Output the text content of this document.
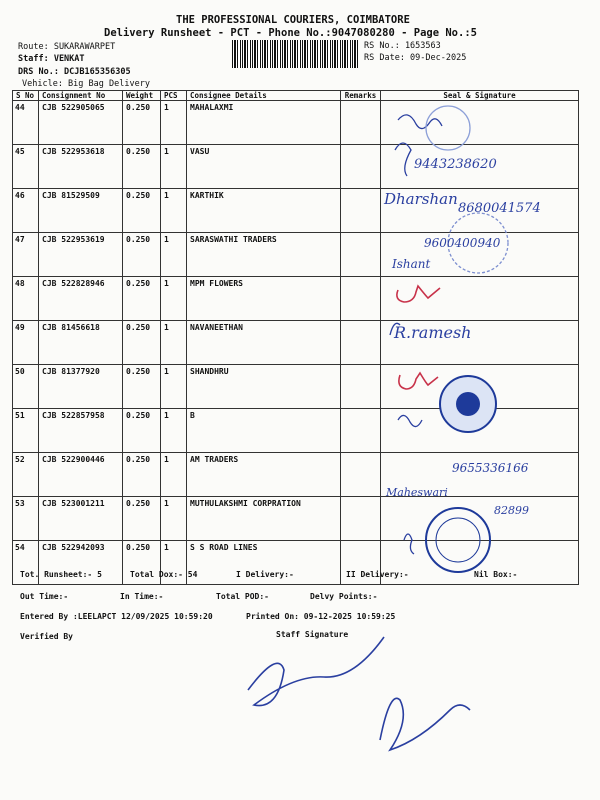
THE PROFESSIONAL COURIERS, COIMBATORE
Delivery Runsheet - PCT - Phone No.:9047080280 - Page No.:5
Route: SUKARAWARPET
Staff: VENKAT
DRS No.: DCJB165356305
Vehicle: Big Bag Delivery
RS No.: 1653563
RS Date: 09-Dec-2025
S No	Consignment No	Weight	PCS	Consignee Details	Remarks	Seal & Signature
44	CJB 522905065	0.250	1	MAHALAXMI		
45	CJB 522953618	0.250	1	VASU		
46	CJB 81529509	0.250	1	KARTHIK		
47	CJB 522953619	0.250	1	SARASWATHI TRADERS		
48	CJB 522828946	0.250	1	MPM FLOWERS		
49	CJB 81456618	0.250	1	NAVANEETHAN		
50	CJB 81377920	0.250	1	SHANDHRU		
51	CJB 522857958	0.250	1	B		
52	CJB 522900446	0.250	1	AM TRADERS		
53	CJB 523001211	0.250	1	MUTHULAKSHMI CORPRATION		
54	CJB 522942093	0.250	1	S S ROAD LINES		
9443238620
Dharshan
8680041574
9600400940
Ishant
R.ramesh
9655336166
Maheswari
82899
Tot. Runsheet:- 5	Total Dox:- 54	I Delivery:-	II Delivery:-	Nil Box:-
Out Time:-	In Time:-	Total POD:-	Delvy Points:-
Entered By :LEELAPCT 12/09/2025 10:59:20	Printed On: 09-12-2025 10:59:25
Verified By	Staff Signature
